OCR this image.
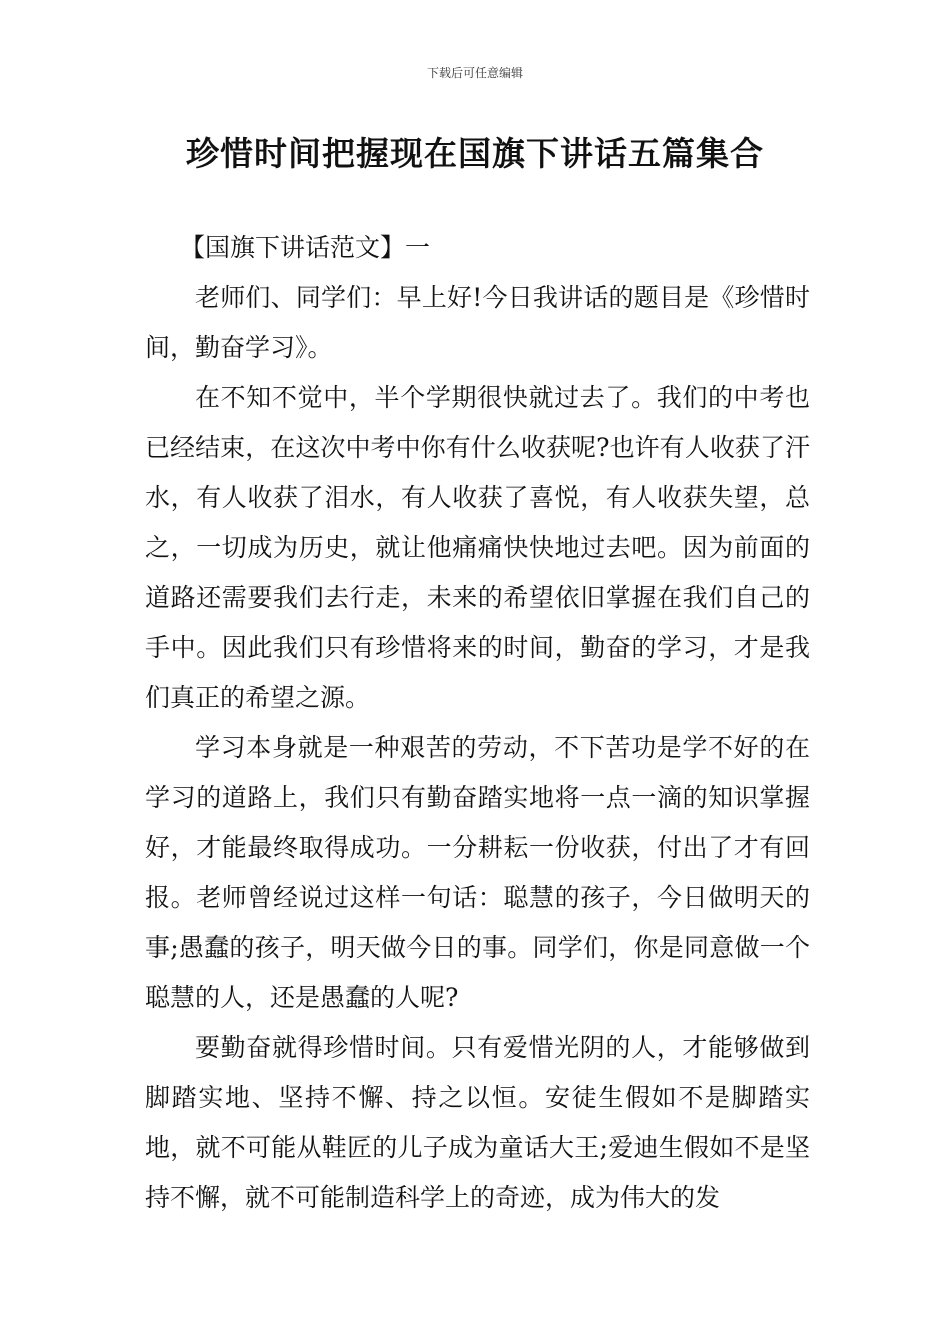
下载后可任意编辑
珍惜时间把握现在国旗下讲话五篇集合

【国旗下讲话范文】一

老师们、同学们：早上好!今日我讲话的题目是《珍惜时间，勤奋学习》。

在不知不觉中，半个学期很快就过去了。我们的中考也已经结束，在这次中考中你有什么收获呢?也许有人收获了汗水，有人收获了泪水，有人收获了喜悦，有人收获失望，总之，一切成为历史，就让他痛痛快快地过去吧。因为前面的道路还需要我们去行走，未来的希望依旧掌握在我们自己的手中。因此我们只有珍惜将来的时间，勤奋的学习，才是我们真正的希望之源。

学习本身就是一种艰苦的劳动，不下苦功是学不好的在学习的道路上，我们只有勤奋踏实地将一点一滴的知识掌握好，才能最终取得成功。一分耕耘一份收获，付出了才有回报。老师曾经说过这样一句话：聪慧的孩子，今日做明天的事;愚蠢的孩子，明天做今日的事。同学们，你是同意做一个聪慧的人，还是愚蠢的人呢?

要勤奋就得珍惜时间。只有爱惜光阴的人，才能够做到脚踏实地、坚持不懈、持之以恒。安徒生假如不是脚踏实地，就不可能从鞋匠的儿子成为童话大王;爱迪生假如不是坚持不懈，就不可能制造科学上的奇迹，成为伟大的发
